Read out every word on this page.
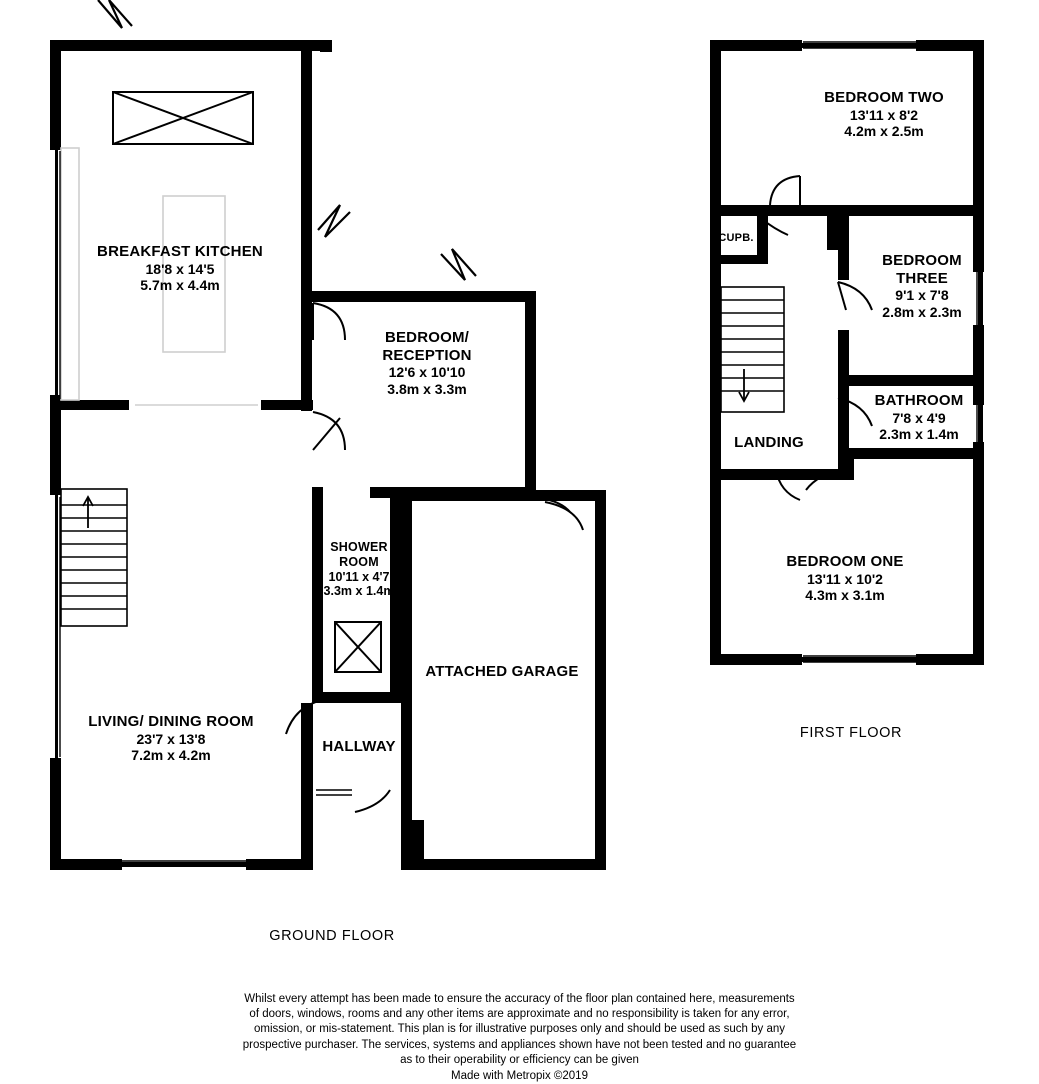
BREAKFAST KITCHEN
18'8 x 14'5
5.7m x 4.4m
BEDROOM/
RECEPTION
12'6 x 10'10
3.8m x 3.3m
SHOWER
ROOM
10'11 x 4'7
3.3m x 1.4m
LIVING/ DINING ROOM
23'7 x 13'8
7.2m x 4.2m
ATTACHED GARAGE
HALLWAY
BEDROOM TWO
13'11 x 8'2
4.2m x 2.5m
BEDROOM
THREE
9'1 x 7'8
2.8m x 2.3m
BATHROOM
7'8 x 4'9
2.3m x 1.4m
BEDROOM ONE
13'11 x 10'2
4.3m x 3.1m
LANDING
CUPB.
GROUND FLOOR
FIRST FLOOR
Whilst every attempt has been made to ensure the accuracy of the floor plan contained here, measurements
of doors, windows, rooms and any other items are approximate and no responsibility is taken for any error,
omission, or mis-statement. This plan is for illustrative purposes only and should be used as such by any
prospective purchaser. The services, systems and appliances shown have not been tested and no guarantee
as to their operability or efficiency can be given
Made with Metropix ©2019
